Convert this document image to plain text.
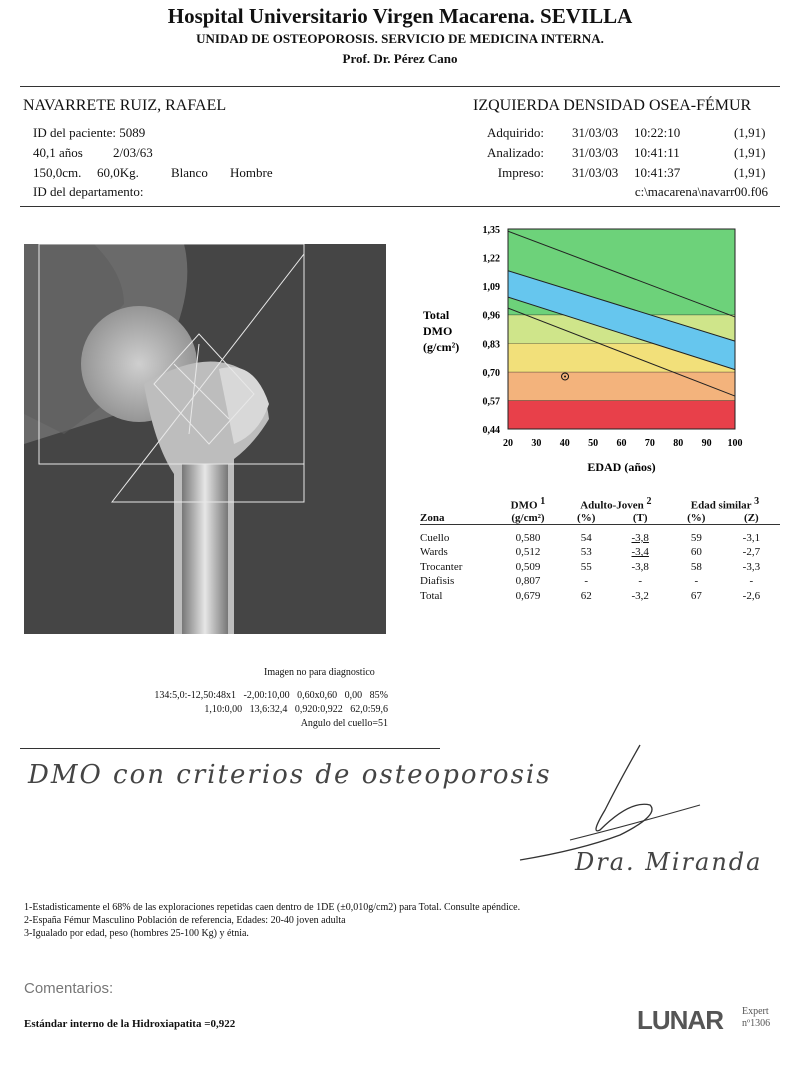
Hospital Universitario Virgen Macarena. SEVILLA
UNIDAD DE OSTEOPOROSIS. SERVICIO DE MEDICINA INTERNA.
Prof. Dr. Pérez Cano
NAVARRETE RUIZ, RAFAEL
ID del paciente: 5089
40,1 años 2/03/63
150,0cm. 60,0Kg. Blanco Hombre
ID del departamento:
IZQUIERDA DENSIDAD OSEA-FÉMUR
Adquirido: 31/03/03 10:22:10	(1,91)
Analizado: 31/03/03 10:41:11	(1,91)
Impreso: 31/03/03 10:41:37	(1,91)
c:\macarena\navarr00.f06
1,35
1,22
1,09
0,96
0,83
0,70
0,57
0,44
20 30 40 50 60 70 80 90 100
Total
DMO
(g/cm²)
EDAD (años)
	DMO $^1$	Adulto-Joven $^2$		Edad similar $^3$
Zona	(g/cm²)	(%)	(T)	(%)	(Z)

Cuello	0,580	54	-3,8	59	-3,1
Wards	0,512	53	-3,4	60	-2,7
Trocanter	0,509	55	-3,8	58	-3,3
Diafisis	0,807	-	-	-	-
Total	0,679	62	-3,2	67	-2,6
Imagen no para diagnostico
134:5,0:-12,50:48x1   -2,00:10,00   0,60x0,60   0,00   85%
1,10:0,00   13,6:32,4   0,920:0,922   62,0:59,6
Angulo del cuello=51
DMO con criterios de osteoporosis
Dra. Miranda
1-Estadisticamente el 68% de las exploraciones repetidas caen dentro de 1DE (±0,010g/cm2) para Total. Consulte apéndice.
2-España Fémur Masculino Población de referencia, Edades: 20-40 joven adulta
3-Igualado por edad, peso (hombres 25-100 Kg) y étnia.
Comentarios:
Estándar interno de la Hidroxiapatita =0,922	LUNAR Expert
nº1306
